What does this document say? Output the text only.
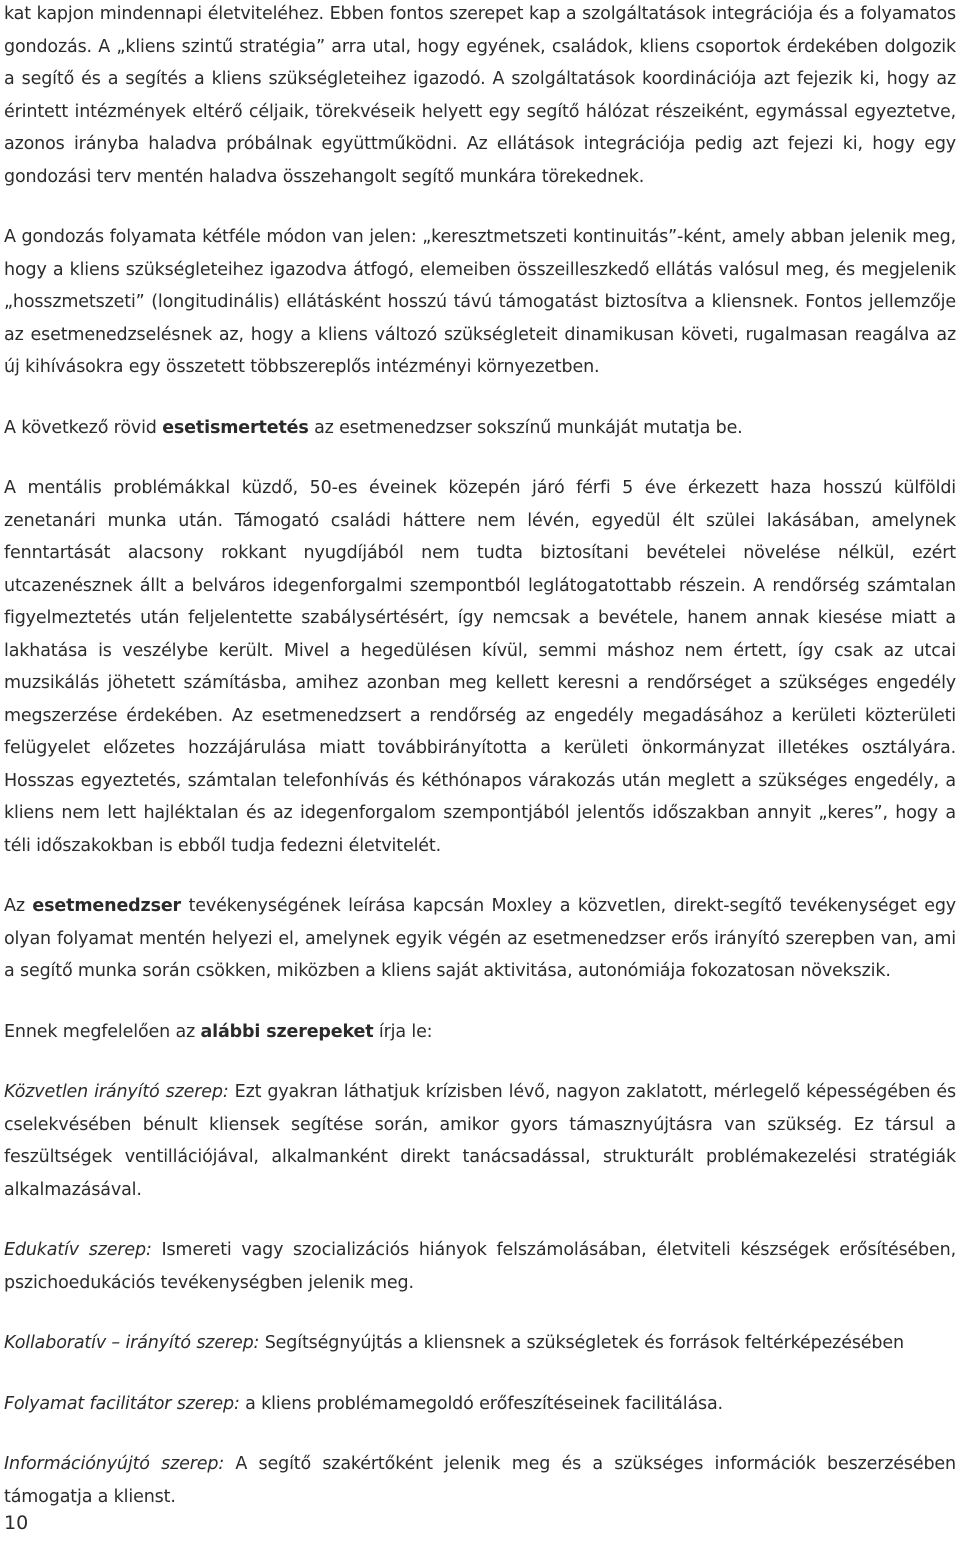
kat kapjon mindennapi életviteléhez. Ebben fontos szerepet kap a szolgáltatások integrációja és a folyamatos gondozás. A „kliens szintű stratégia” arra utal, hogy egyének, családok, kliens csoportok érdekében dolgozik a segítő és a segítés a kliens szükségleteihez igazodó. A szolgáltatások koordinációja azt fejezik ki, hogy az érintett intézmények eltérő céljaik, törekvéseik helyett egy segítő hálózat részeiként, egymással egyeztetve, azonos irányba haladva próbálnak együttműködni. Az ellátások integrációja pedig azt fejezi ki, hogy egy gondozási terv mentén haladva összehangolt segítő munkára törekednek.

A gondozás folyamata kétféle módon van jelen: „keresztmetszeti kontinuitás”-ként, amely abban jelenik meg, hogy a kliens szükségleteihez igazodva átfogó, elemeiben összeilleszkedő ellátás valósul meg, és megjelenik „hosszmetszeti” (longitudinális) ellátásként hosszú távú támogatást biztosítva a kliensnek. Fontos jellemzője az esetmenedzselésnek az, hogy a kliens változó szükségleteit dinamikusan követi, rugalmasan reagálva az új kihívásokra egy összetett többszereplős intézményi környezetben.

A következő rövid esetismertetés az esetmenedzser sokszínű munkáját mutatja be.

A mentális problémákkal küzdő, 50-es éveinek közepén járó férfi 5 éve érkezett haza hosszú külföldi zenetanári munka után. Támogató családi háttere nem lévén, egyedül élt szülei lakásában, amelynek fenntartását alacsony rokkant nyugdíjából nem tudta biztosítani bevételei növelése nélkül, ezért utcazenésznek állt a belváros idegenforgalmi szempontból leglátogatottabb részein. A rendőrség számtalan figyelmeztetés után feljelentette szabálysértésért, így nemcsak a bevétele, hanem annak kiesése miatt a lakhatása is veszélybe került. Mivel a hegedülésen kívül, semmi máshoz nem értett, így csak az utcai muzsikálás jöhetett számításba, amihez azonban meg kellett keresni a rendőrséget a szükséges engedély megszerzése érdekében. Az esetmenedzsert a rendőrség az engedély megadásához a kerületi közterületi felügyelet előzetes hozzájárulása miatt továbbirányította a kerületi önkormányzat illetékes osztályára. Hosszas egyeztetés, számtalan telefonhívás és kéthónapos várakozás után meglett a szükséges engedély, a kliens nem lett hajléktalan és az idegenforgalom szempontjából jelentős időszakban annyit „keres”, hogy a téli időszakokban is ebből tudja fedezni életvitelét.

Az esetmenedzser tevékenységének leírása kapcsán Moxley a közvetlen, direkt-segítő tevékenységet egy olyan folyamat mentén helyezi el, amelynek egyik végén az esetmenedzser erős irányító szerepben van, ami a segítő munka során csökken, miközben a kliens saját aktivitása, autonómiája fokozatosan növekszik.

Ennek megfelelően az alábbi szerepeket írja le:

Közvetlen irányító szerep: Ezt gyakran láthatjuk krízisben lévő, nagyon zaklatott, mérlegelő képességében és cselekvésében bénult kliensek segítése során, amikor gyors támasznyújtásra van szükség. Ez társul a feszültségek ventillációjával, alkalmanként direkt tanácsadással, strukturált problémakezelési stratégiák alkalmazásával.

Edukatív szerep: Ismereti vagy szocializációs hiányok felszámolásában, életviteli készségek erősítésében, pszichoedukációs tevékenységben jelenik meg.

Kollaboratív – irányító szerep: Segítségnyújtás a kliensnek a szükségletek és források feltérképezésében

Folyamat facilitátor szerep: a kliens problémamegoldó erőfeszítéseinek facilitálása.

Információnyújtó szerep: A segítő szakértőként jelenik meg és a szükséges információk beszerzésében támogatja a klienst.

10
